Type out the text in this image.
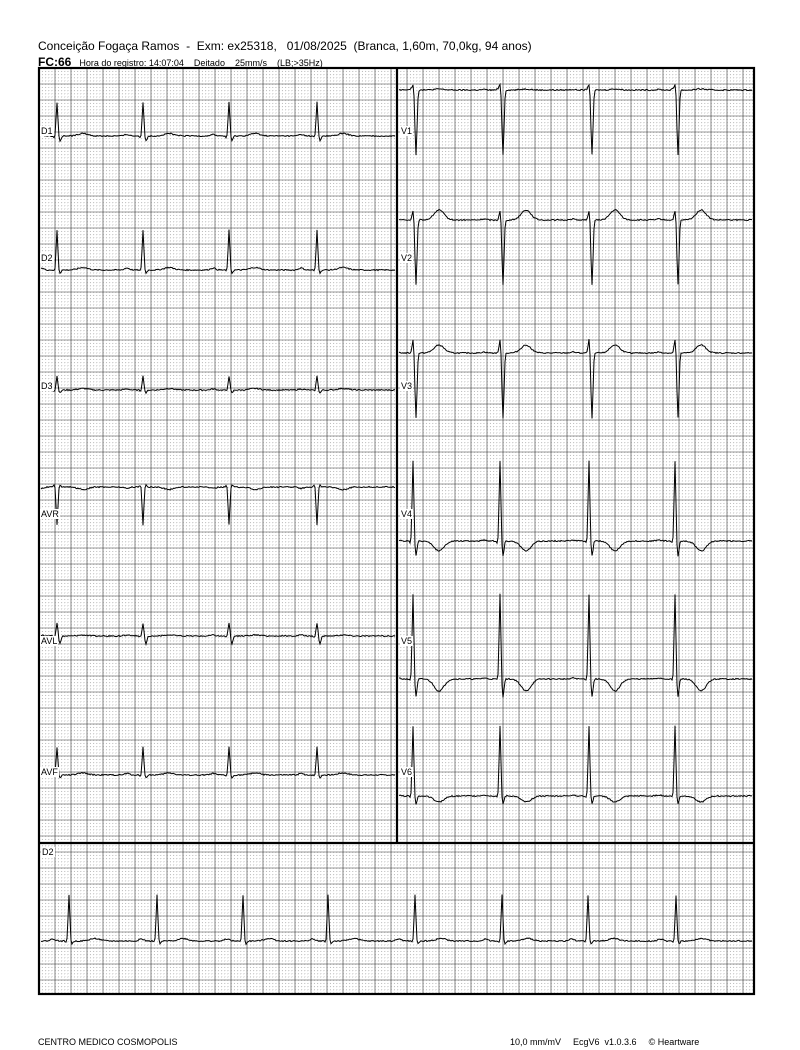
Conceição Fogaça Ramos  -  Exm: ex25318,   01/08/2025  (Branca, 1,60m, 70,0kg, 94 anos)
FC:66 Hora do registro: 14:07:04 Deitado 25mm/s (LB;>35Hz)
D1
D2
D3
AVR
AVL
AVF
V1
V2
V3
V4
V5
V6
D2
CENTRO MEDICO COSMOPOLIS	10,0 mm/mV EcgV6  v1.0.3.6 © Heartware
